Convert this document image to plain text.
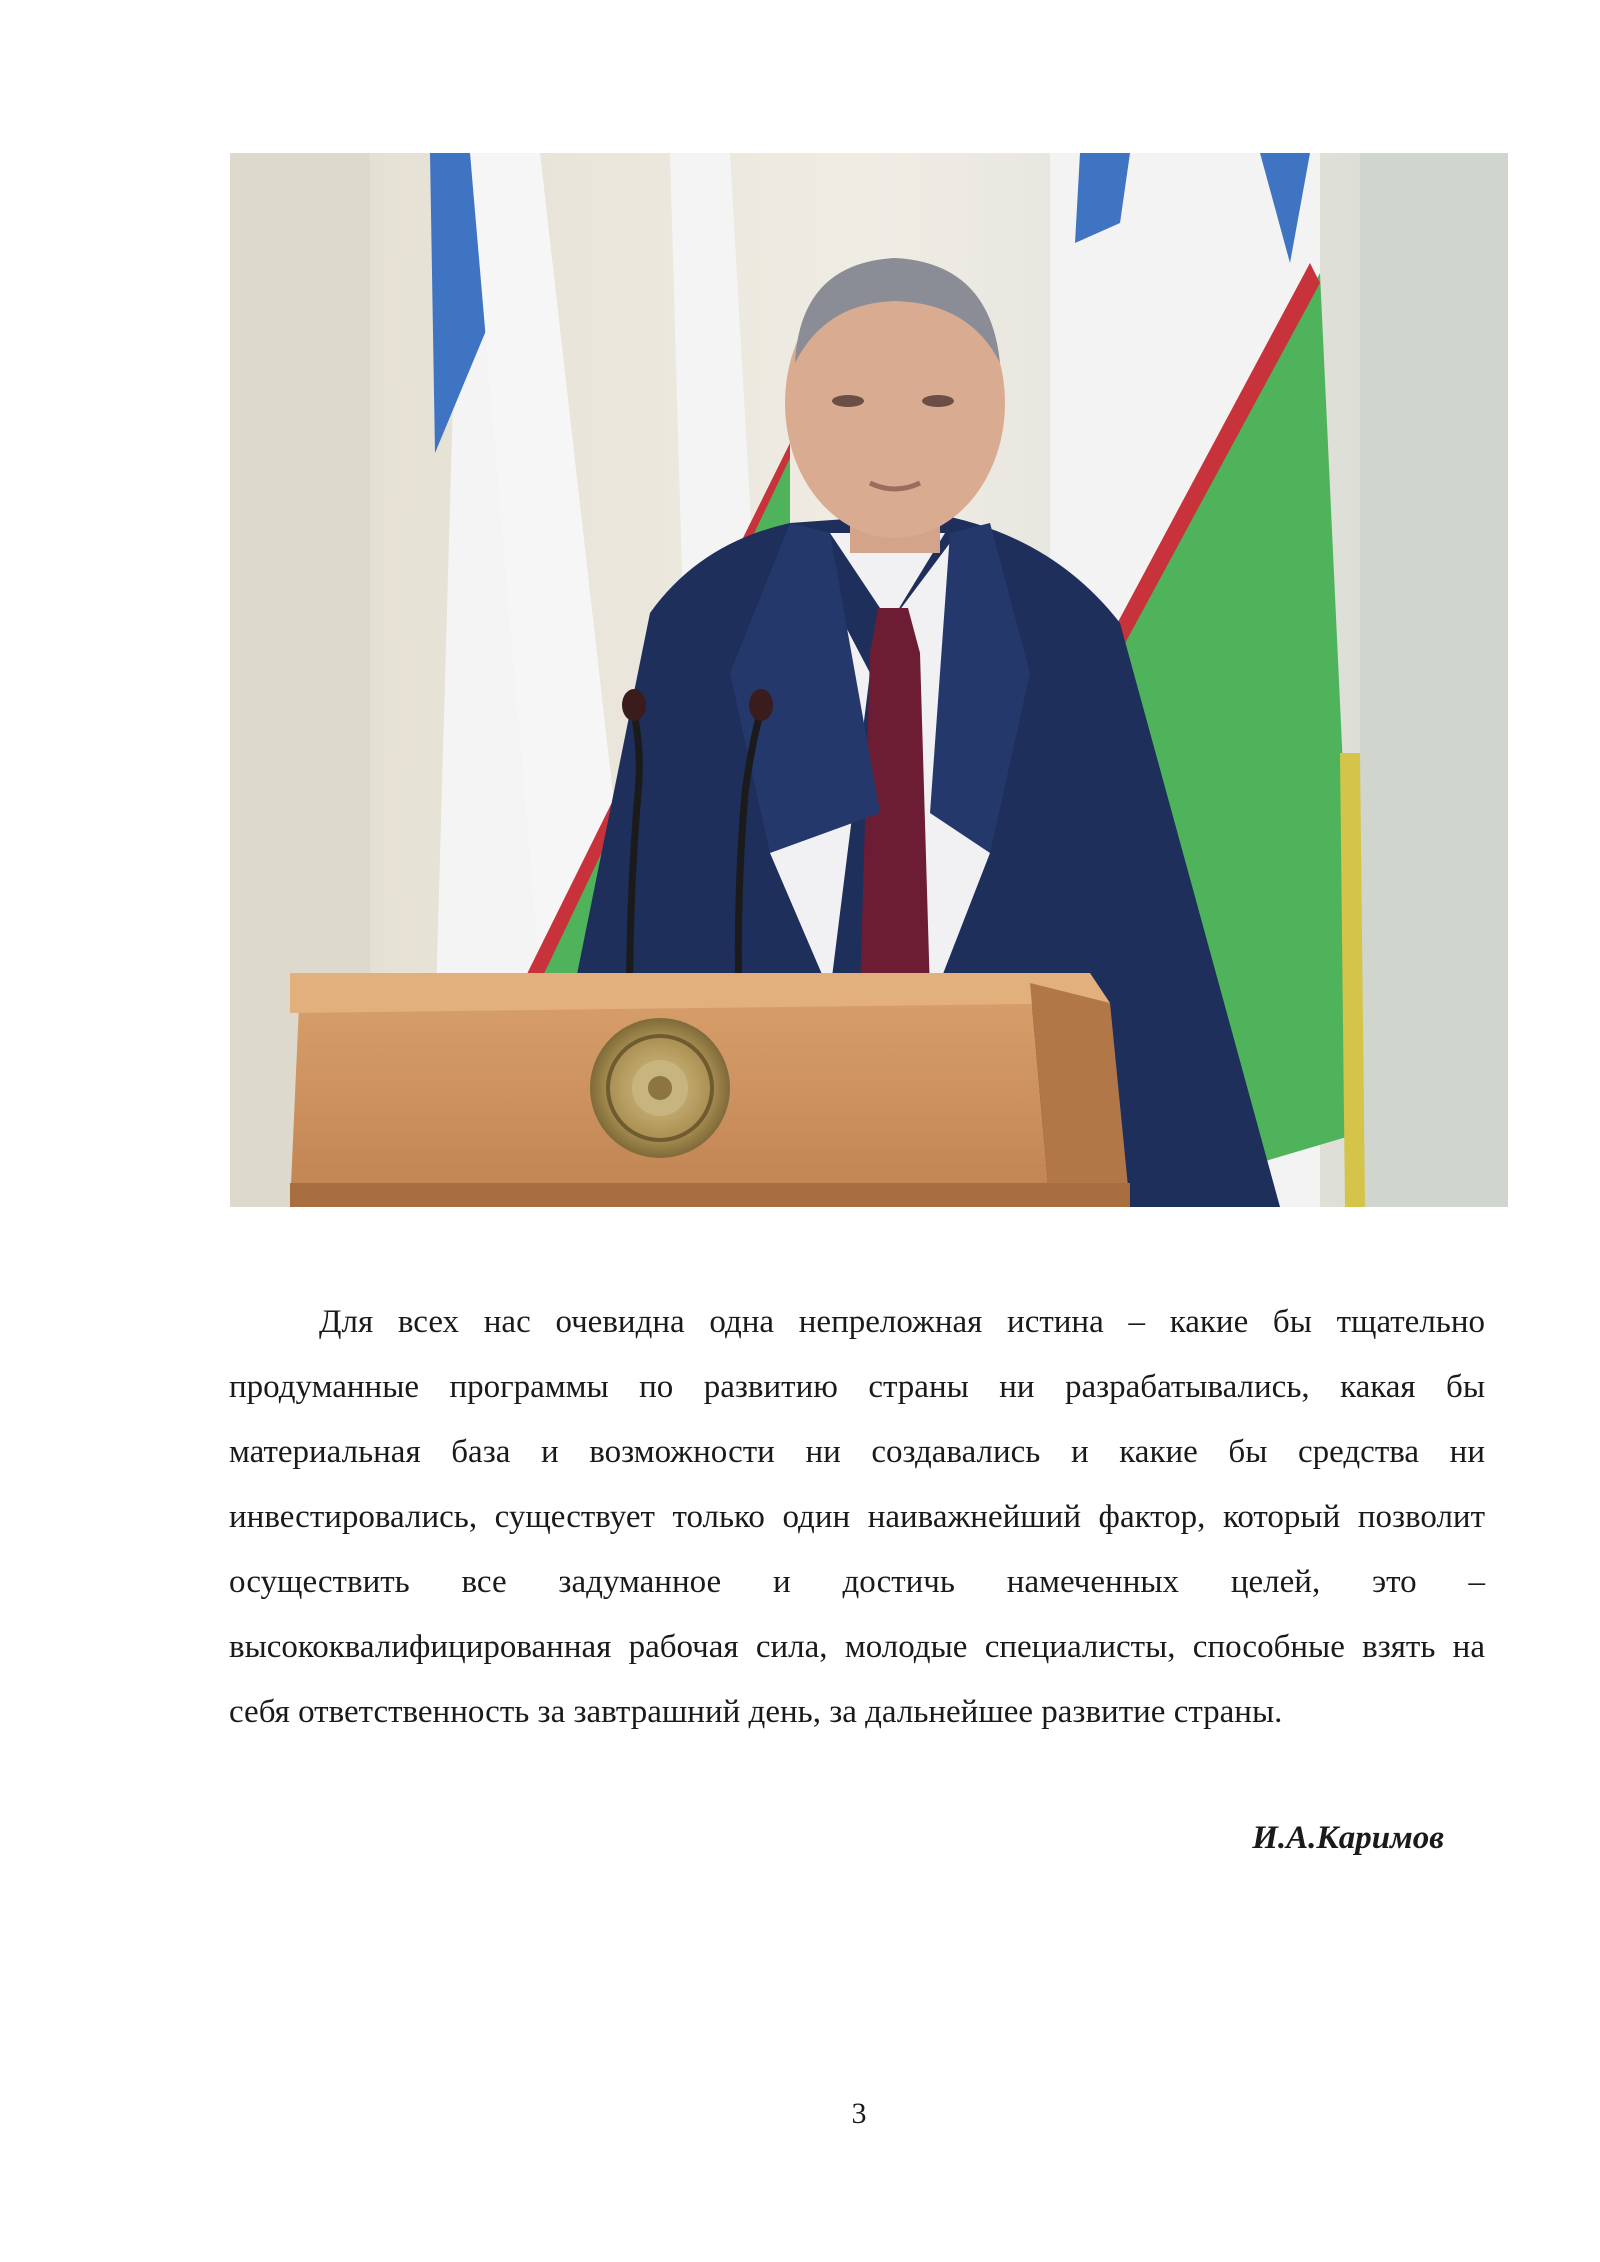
Для всех нас очевидна одна непреложная истина – какие бы тщательно продуманные программы по развитию страны ни разрабатывались, какая бы материальная база и возможности ни создавались и какие бы средства ни инвестировались, существует только один наиважнейший фактор, который позволит осуществить все задуманное и достичь намеченных целей, это – высококвалифицированная рабочая сила, молодые специалисты, способные взять на себя ответственность за завтрашний день, за дальнейшее развитие страны.

И.А.Каримов

3
